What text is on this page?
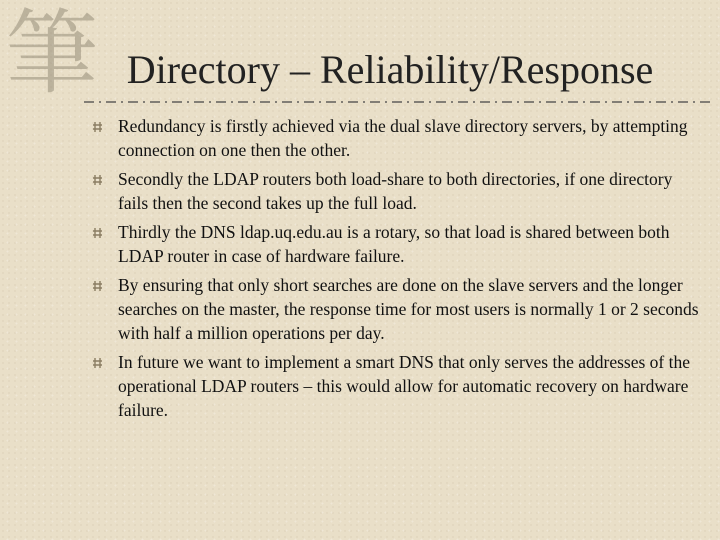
筆 Directory – Reliability/Response
Redundancy is firstly achieved via the dual slave directory servers, by attempting connection on one then the other.
Secondly the LDAP routers both load-share to both directories, if one directory fails then the second takes up the full load.
Thirdly the DNS ldap.uq.edu.au is a rotary, so that load is shared between both LDAP router in case of hardware failure.
By ensuring that only short searches are done on the slave servers and the longer searches on the master, the response time for most users is normally 1 or 2 seconds with half a million operations per day.
In future we want to implement a smart DNS that only serves the addresses of the operational LDAP routers – this would allow for automatic recovery on hardware failure.
